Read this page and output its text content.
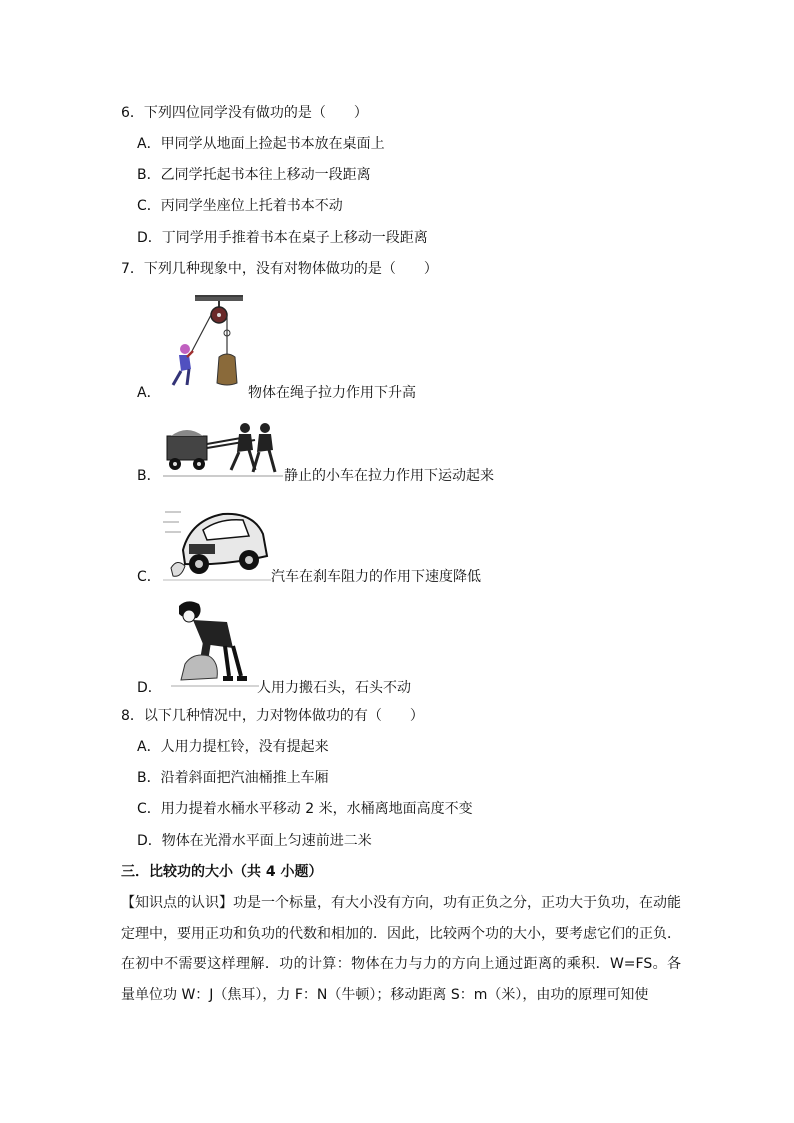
6．下列四位同学没有做功的是（　　）
A．甲同学从地面上捡起书本放在桌面上
B．乙同学托起书本往上移动一段距离
C．丙同学坐座位上托着书本不动
D．丁同学用手推着书本在桌子上移动一段距离
7．下列几种现象中，没有对物体做功的是（　　）
A．	物体在绳子拉力作用下升高
B．	静止的小车在拉力作用下运动起来
C．	汽车在刹车阻力的作用下速度降低
D．	人用力搬石头，石头不动
8．以下几种情况中，力对物体做功的有（　　）
A．人用力提杠铃，没有提起来
B．沿着斜面把汽油桶推上车厢
C．用力提着水桶水平移动 2 米，水桶离地面高度不变
D．物体在光滑水平面上匀速前进二米
三．比较功的大小（共 4 小题）
【知识点的认识】功是一个标量，有大小没有方向，功有正负之分，正功大于负功，在动能定理中，要用正功和负功的代数和相加的．因此，比较两个功的大小，要考虑它们的正负．在初中不需要这样理解．功的计算：物体在力与力的方向上通过距离的乘积．W=FS。各量单位功 W：J（焦耳），力 F：N（牛顿）；移动距离 S：m（米），由功的原理可知使
